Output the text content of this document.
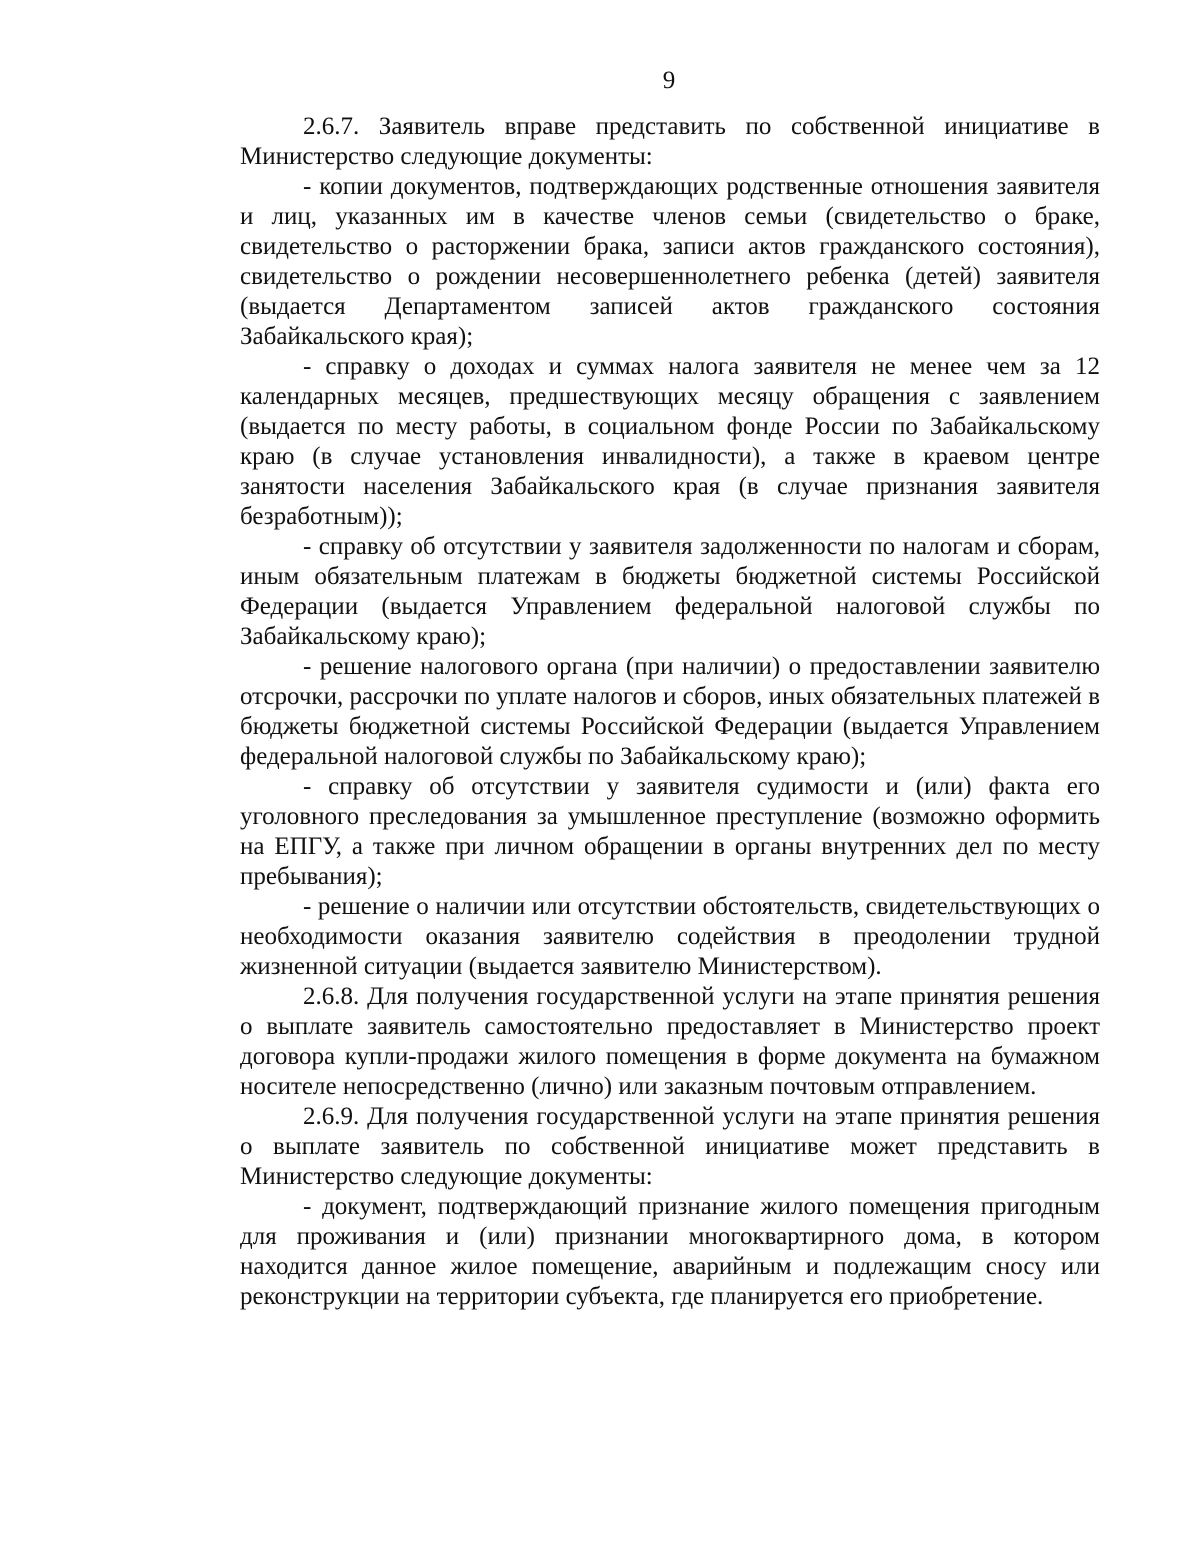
9

2.6.7. Заявитель вправе представить по собственной инициативе в Министерство следующие документы:

- копии документов, подтверждающих родственные отношения заявителя и лиц, указанных им в качестве членов семьи (свидетельство о браке, свидетельство о расторжении брака, записи актов гражданского состояния), свидетельство о рождении несовершеннолетнего ребенка (детей) заявителя (выдается Департаментом записей актов гражданского состояния Забайкальского края);

- справку о доходах и суммах налога заявителя не менее чем за 12 календарных месяцев, предшествующих месяцу обращения с заявлением (выдается по месту работы, в социальном фонде России по Забайкальскому краю (в случае установления инвалидности), а также в краевом центре занятости населения Забайкальского края (в случае признания заявителя безработным));

- справку об отсутствии у заявителя задолженности по налогам и сборам, иным обязательным платежам в бюджеты бюджетной системы Российской Федерации (выдается Управлением федеральной налоговой службы по Забайкальскому краю);

- решение налогового органа (при наличии) о предоставлении заявителю отсрочки, рассрочки по уплате налогов и сборов, иных обязательных платежей в бюджеты бюджетной системы Российской Федерации (выдается Управлением федеральной налоговой службы по Забайкальскому краю);

- справку об отсутствии у заявителя судимости и (или) факта его уголовного преследования за умышленное преступление (возможно оформить на ЕПГУ, а также при личном обращении в органы внутренних дел по месту пребывания);

- решение о наличии или отсутствии обстоятельств, свидетельствующих о необходимости оказания заявителю содействия в преодолении трудной жизненной ситуации (выдается заявителю Министерством).

2.6.8. Для получения государственной услуги на этапе принятия решения о выплате заявитель самостоятельно предоставляет в Министерство проект договора купли-продажи жилого помещения в форме документа на бумажном носителе непосредственно (лично) или заказным почтовым отправлением.

2.6.9. Для получения государственной услуги на этапе принятия решения о выплате заявитель по собственной инициативе может представить в Министерство следующие документы:

- документ, подтверждающий признание жилого помещения пригодным для проживания и (или) признании многоквартирного дома, в котором находится данное жилое помещение, аварийным и подлежащим сносу или реконструкции на территории субъекта, где планируется его приобретение.
